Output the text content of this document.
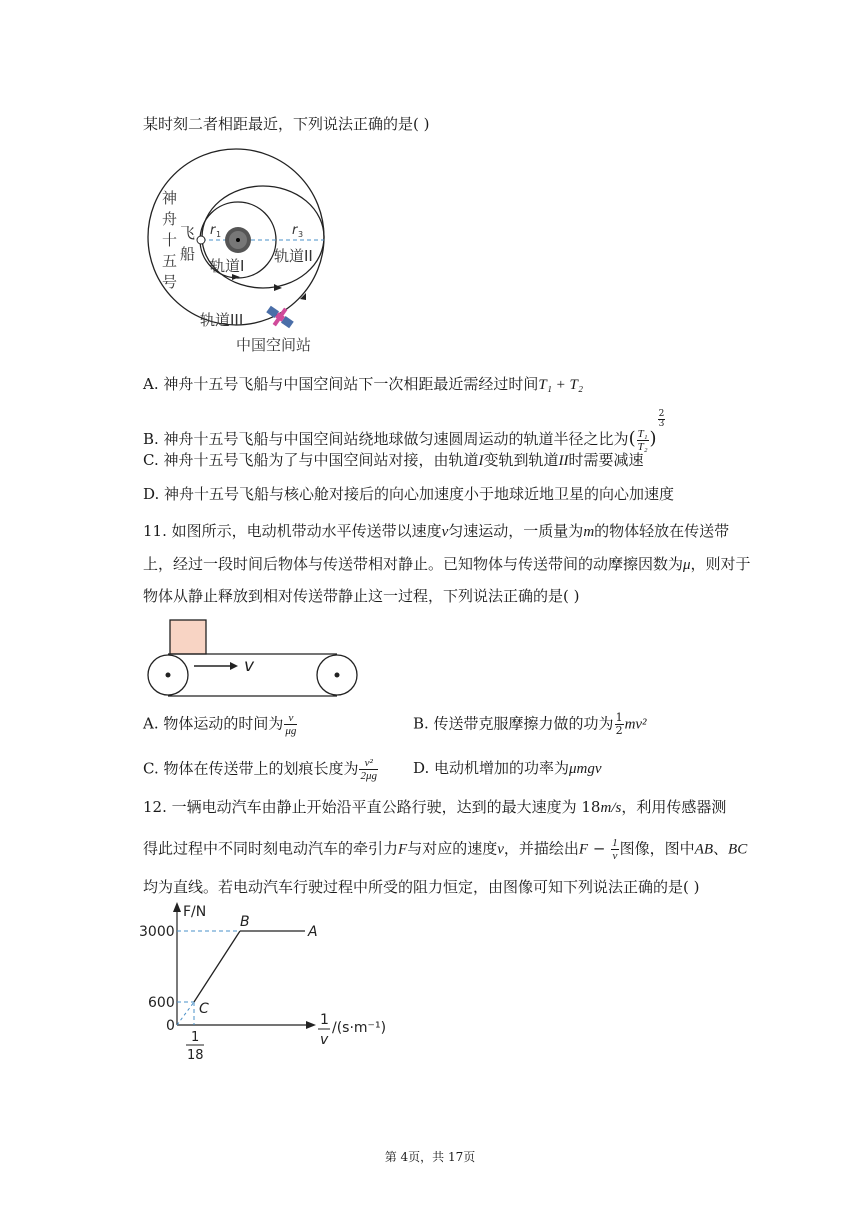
某时刻二者相距最近，下列说法正确的是( )
神
舟
十
五
号
飞
船
r 1	r 3
轨道I
轨道II
轨道III
中国空间站
A. 神舟十五号飞船与中国空间站下一次相距最近需经过时间T₁ + T₂
B. 神舟十五号飞船与中国空间站绕地球做匀速圆周运动的轨道半径之比为( $\frac{\text{T₁}}{\text{T₂}}$ )
$\frac{2}{3}$
C. 神舟十五号飞船为了与中国空间站对接，由轨道I变轨到轨道II时需要减速
D. 神舟十五号飞船与核心舱对接后的向心加速度小于地球近地卫星的向心加速度
11. 如图所示，电动机带动水平传送带以速度v匀速运动，一质量为m的物体轻放在传送带
上，经过一段时间后物体与传送带相对静止。已知物体与传送带间的动摩擦因数为μ，则对于
物体从静止释放到相对传送带静止这一过程，下列说法正确的是( )
v
A. 物体运动的时间为 $\frac{v}{\mu g}$	B. 传送带克服摩擦力做的功为 $\frac{1}{2} mv^2$
C. 物体在传送带上的划痕长度为 $\frac{\text{v²}}{2\mu g} D$. 电动机增加的功率为μmgv
12. 一辆电动汽车由静止开始沿平直公路行驶，达到的最大速度为 18m/s，利用传感器测
得此过程中不同时刻电动汽车的牵引力F与对应的速度v，并描绘出$F - \frac{1}{v}$ 图像，图中AB、BC
均为直线。若电动汽车行驶过程中所受的阻力恒定，由图像可知下列说法正确的是( )
F/N
3000
600
0
B
A
C
1
v
/(s·m⁻¹)
1
18
第 4页，共 17页
